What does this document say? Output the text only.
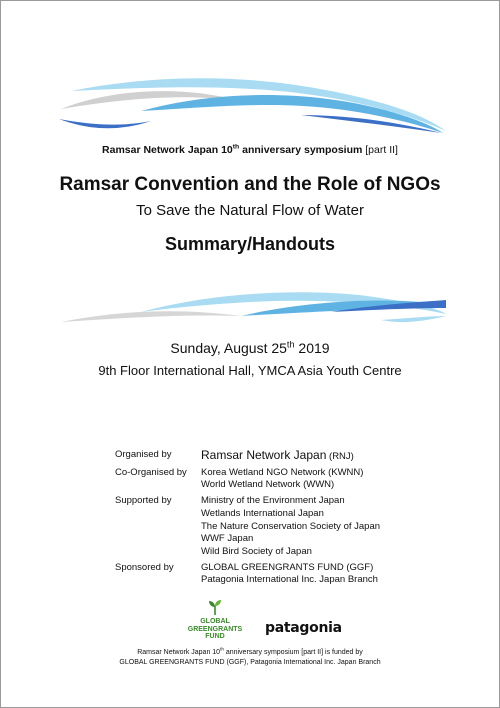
Ramsar Network Japan 10th anniversary symposium [part II]
Ramsar Convention and the Role of NGOs
To Save the Natural Flow of Water
Summary/Handouts
Sunday, August 25th 2019
9th Floor International Hall, YMCA Asia Youth Centre
Organised by	Ramsar Network Japan (RNJ)
Co-Organised by	Korea Wetland NGO Network (KWNN)
World Wetland Network (WWN)
Supported by	Ministry of the Environment Japan
Wetlands International Japan
The Nature Conservation Society of Japan
WWF Japan
Wild Bird Society of Japan
Sponsored by	GLOBAL GREENGRANTS FUND (GGF)
Patagonia International Inc. Japan Branch
GLOBAL
GREENGRANTS
FUND
patagonia
Ramsar Network Japan 10th anniversary symposium [part II] is funded by
GLOBAL GREENGRANTS FUND (GGF), Patagonia International Inc. Japan Branch
